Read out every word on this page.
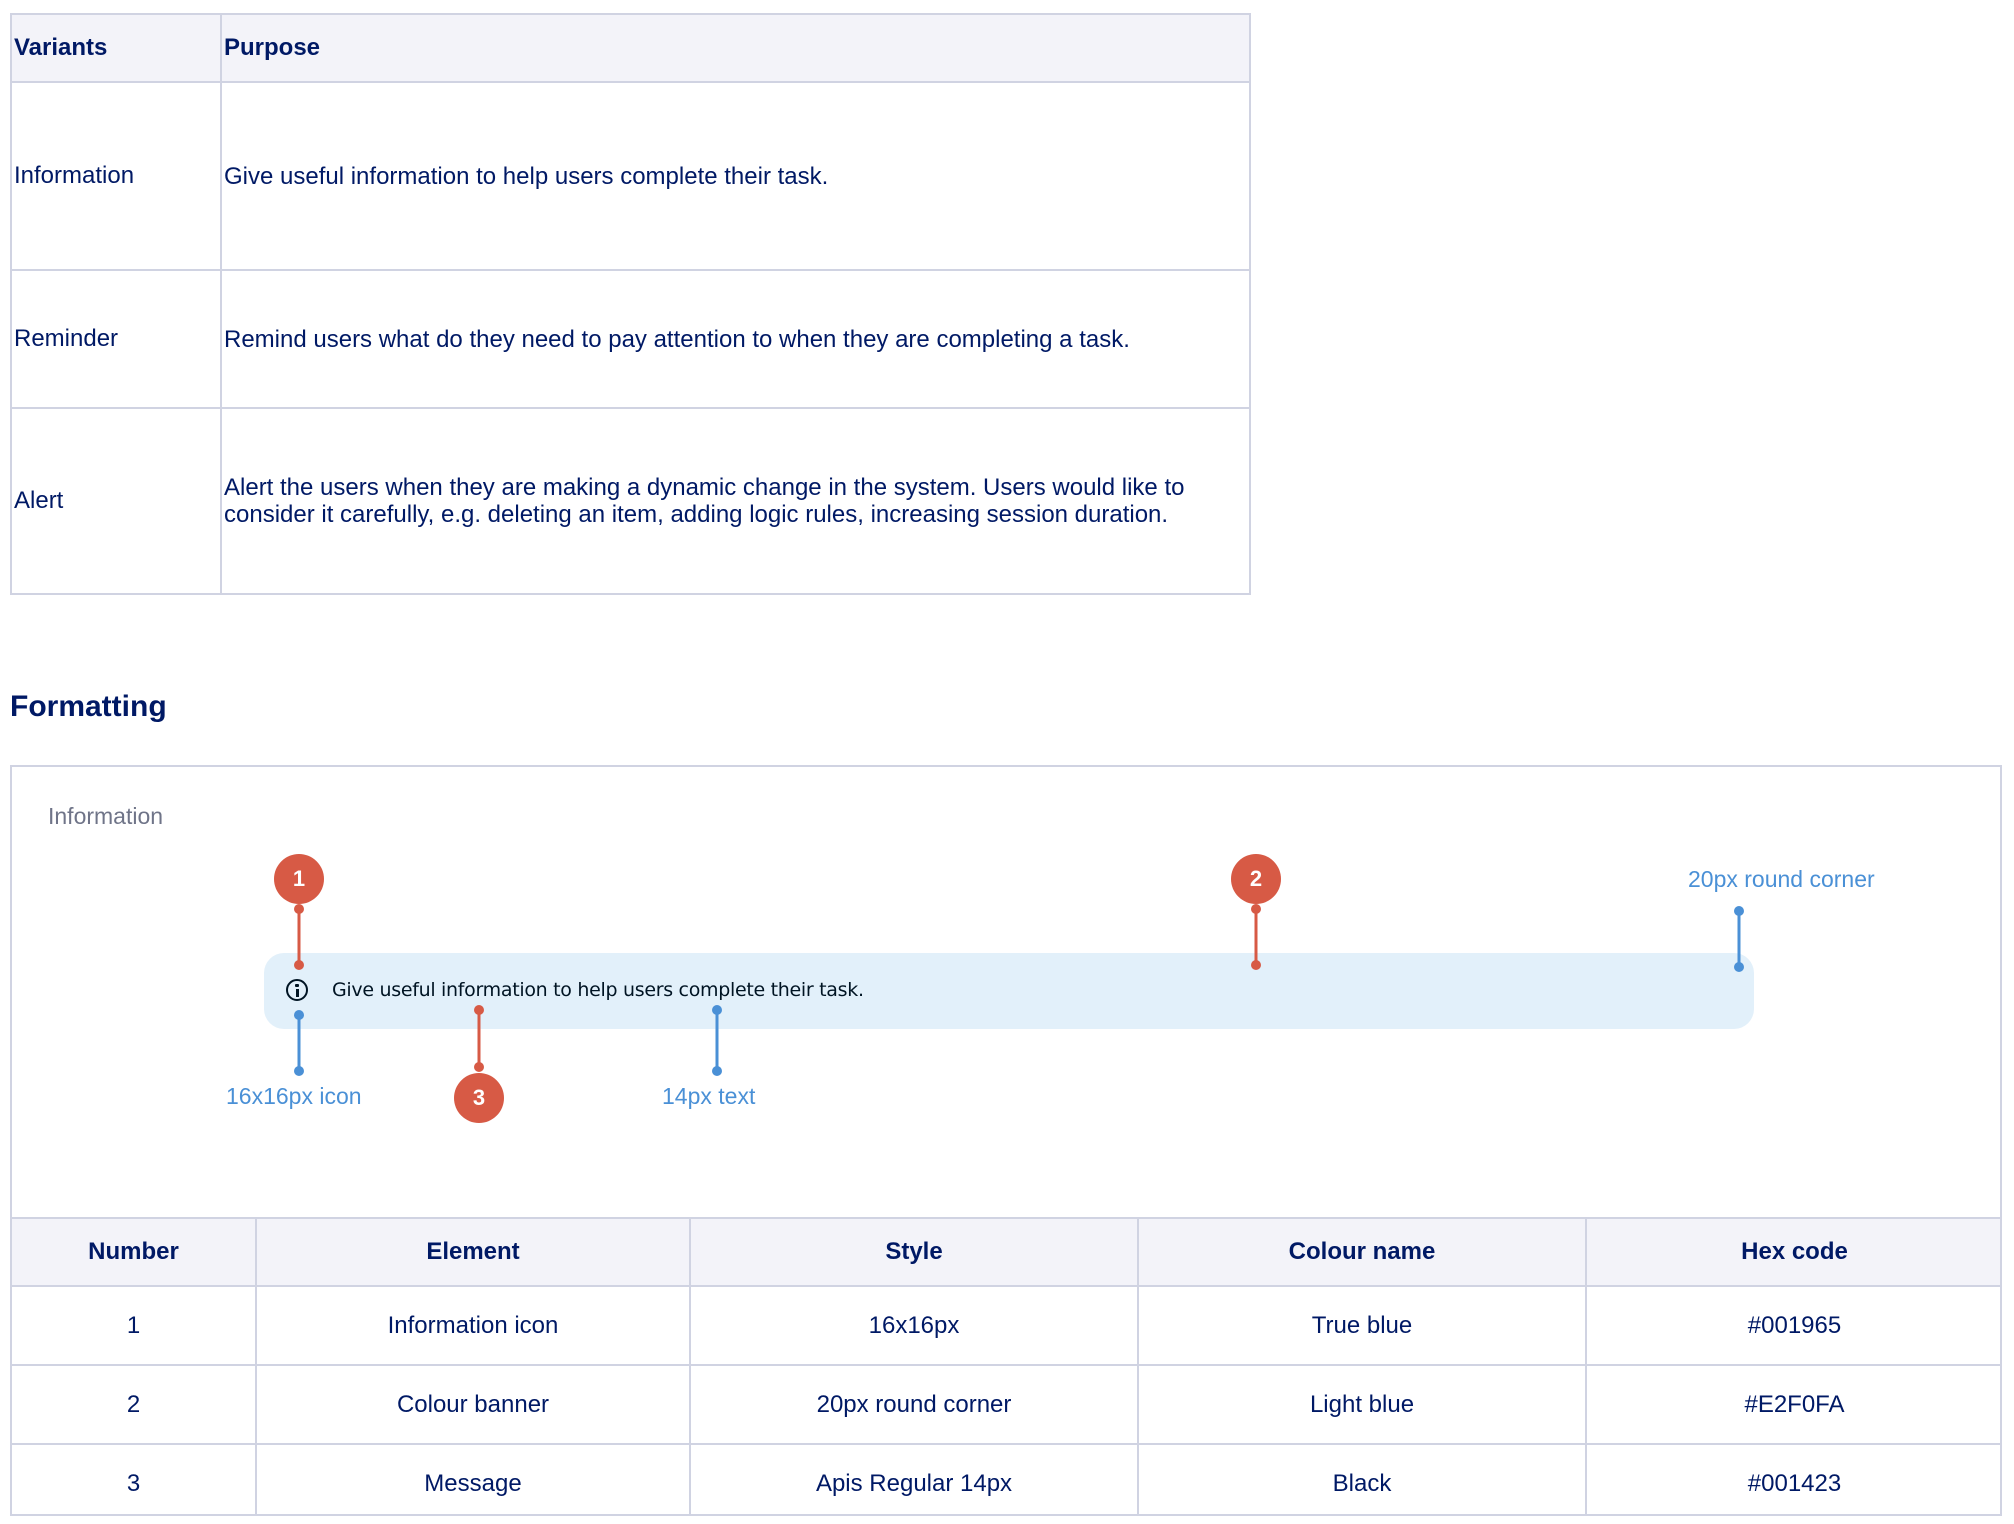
Variants	Purpose
Information	Give useful information to help users complete their task.
Reminder	Remind users what do they need to pay attention to when they are completing a task.
Alert	Alert the users when they are making a dynamic change in the system. Users would like to consider it carefully, e.g. deleting an item, adding logic rules, increasing session duration.
Formatting
Information
Give useful information to help users complete their task.
1	2
3
20px round corner
16x16px icon	14px text
Number	Element	Style	Colour name	Hex code
1	Information icon	16x16px	True blue	#001965
2	Colour banner	20px round corner	Light blue	#E2F0FA
3	Message	Apis Regular 14px	Black	#001423
